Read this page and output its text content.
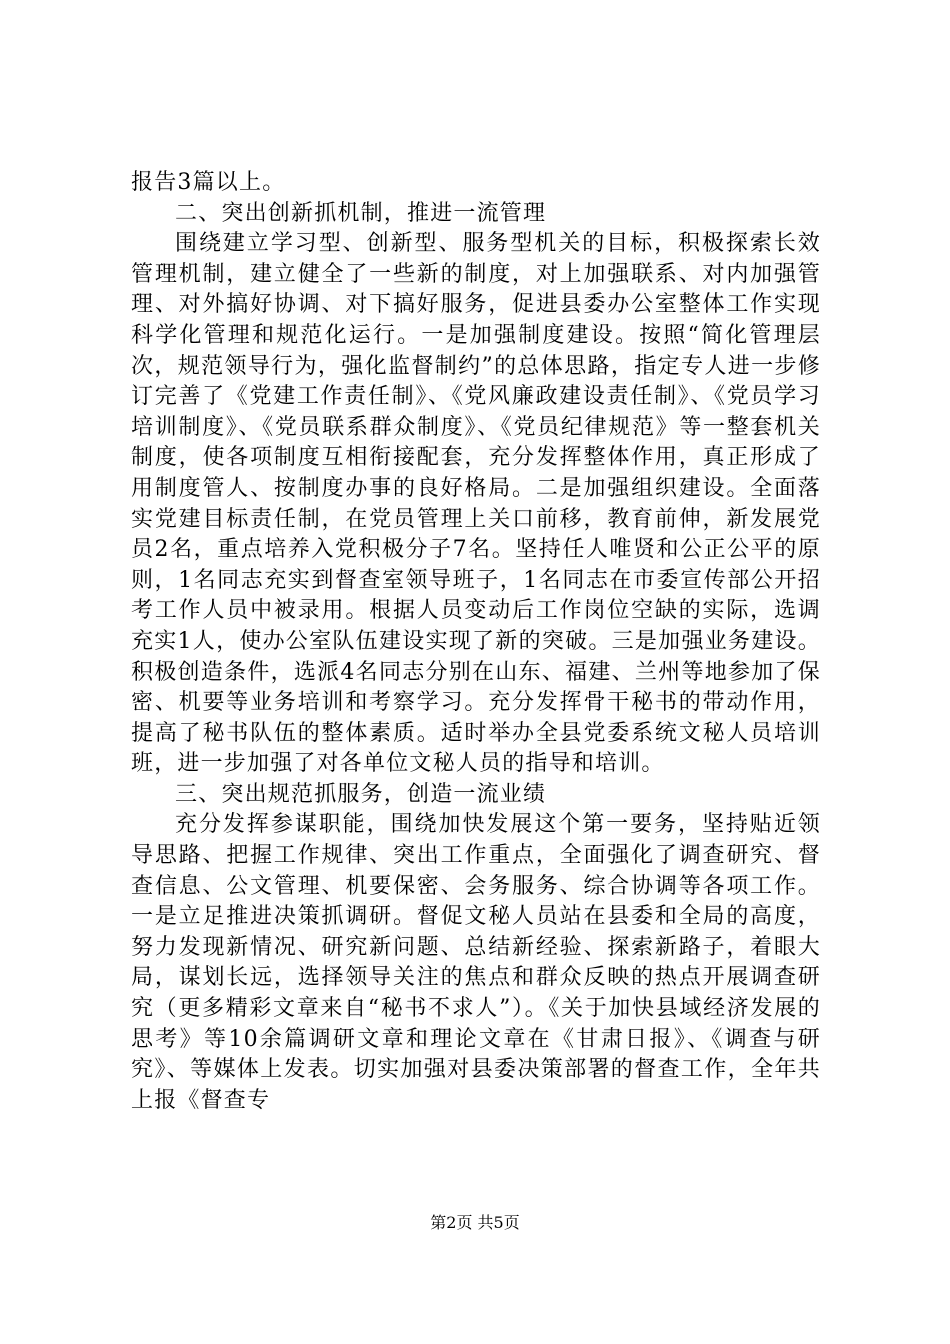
报告3篇以上。

二、突出创新抓机制，推进一流管理

围绕建立学习型、创新型、服务型机关的目标，积极探索长效管理机制，建立健全了一些新的制度，对上加强联系、对内加强管理、对外搞好协调、对下搞好服务，促进县委办公室整体工作实现科学化管理和规范化运行。一是加强制度建设。按照“简化管理层次，规范领导行为，强化监督制约”的总体思路，指定专人进一步修订完善了《党建工作责任制》、《党风廉政建设责任制》、《党员学习培训制度》、《党员联系群众制度》、《党员纪律规范》等一整套机关制度，使各项制度互相衔接配套，充分发挥整体作用，真正形成了用制度管人、按制度办事的良好格局。二是加强组织建设。全面落实党建目标责任制，在党员管理上关口前移，教育前伸，新发展党员2名，重点培养入党积极分子7名。坚持任人唯贤和公正公平的原则，1名同志充实到督查室领导班子，1名同志在市委宣传部公开招考工作人员中被录用。根据人员变动后工作岗位空缺的实际，选调充实1人，使办公室队伍建设实现了新的突破。三是加强业务建设。积极创造条件，选派4名同志分别在山东、福建、兰州等地参加了保密、机要等业务培训和考察学习。充分发挥骨干秘书的带动作用，提高了秘书队伍的整体素质。适时举办全县党委系统文秘人员培训班，进一步加强了对各单位文秘人员的指导和培训。

三、突出规范抓服务，创造一流业绩

充分发挥参谋职能，围绕加快发展这个第一要务，坚持贴近领导思路、把握工作规律、突出工作重点，全面强化了调查研究、督查信息、公文管理、机要保密、会务服务、综合协调等各项工作。一是立足推进决策抓调研。督促文秘人员站在县委和全局的高度，努力发现新情况、研究新问题、总结新经验、探索新路子，着眼大局，谋划长远，选择领导关注的焦点和群众反映的热点开展调查研究（更多精彩文章来自“秘书不求人”）。《关于加快县域经济发展的思考》等10余篇调研文章和理论文章在《甘肃日报》、《调查与研究》、等媒体上发表。切实加强对县委决策部署的督查工作，全年共上报《督查专

第2页 共5页
